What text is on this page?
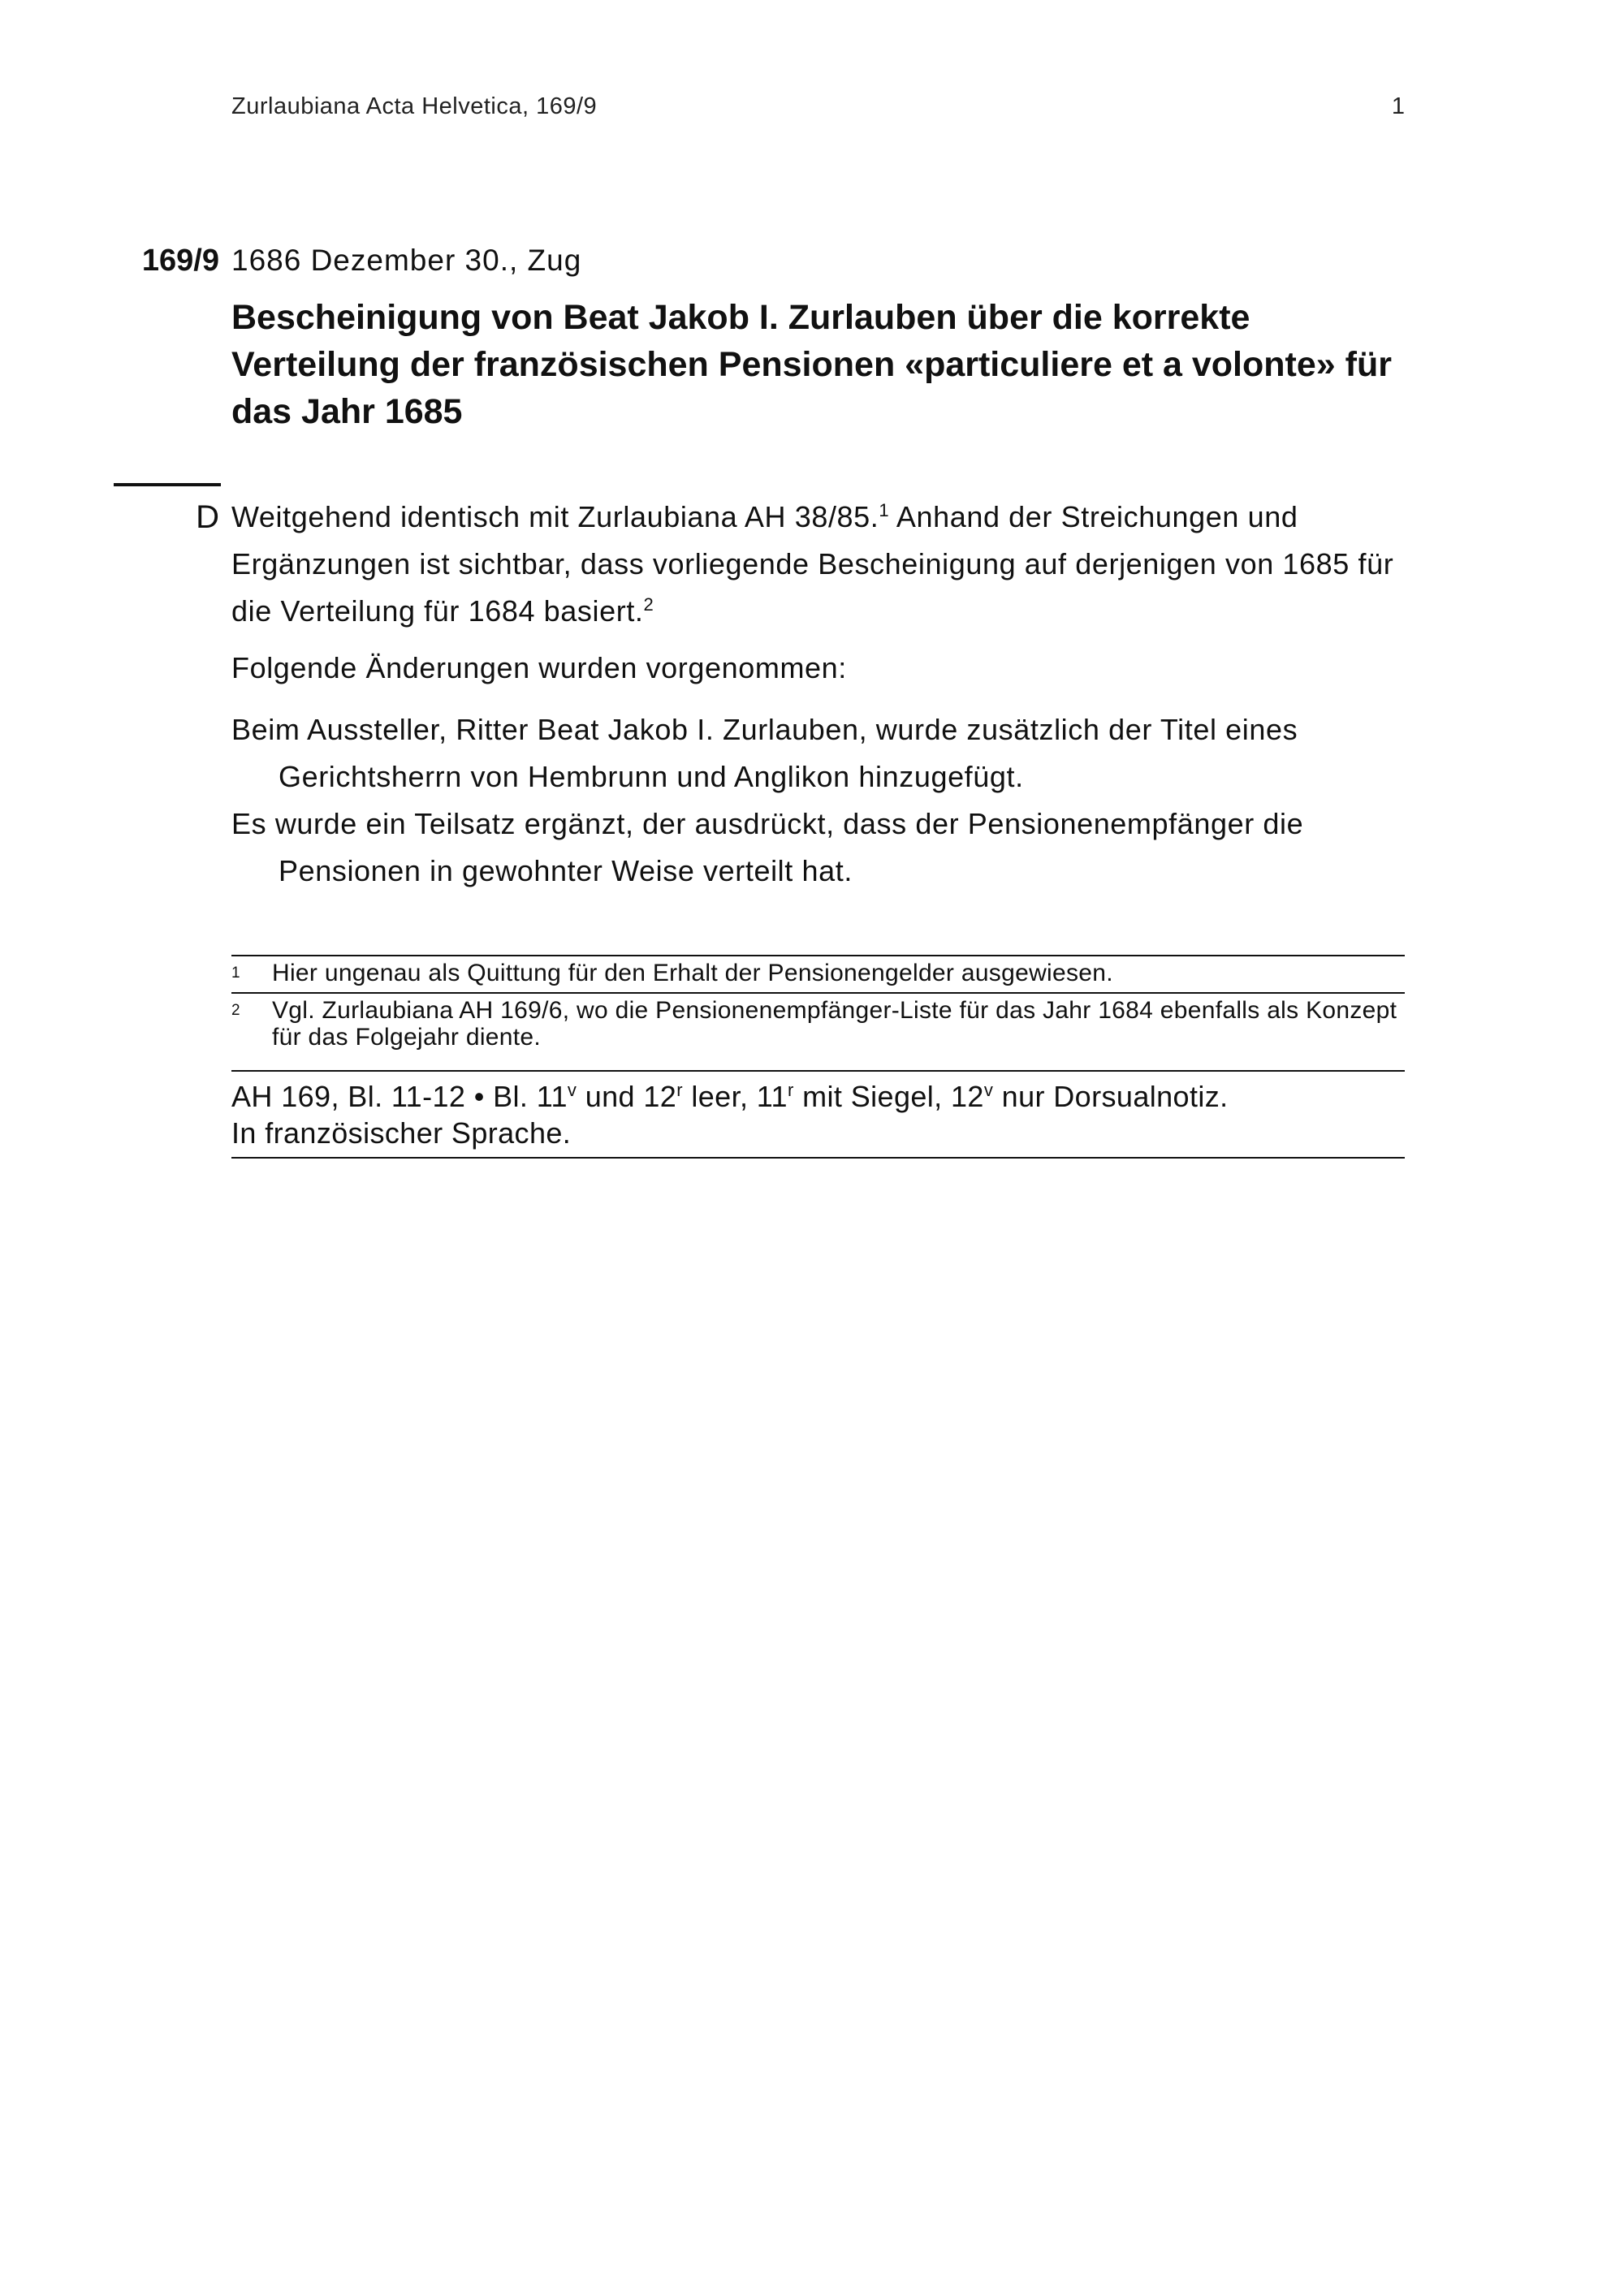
Zurlaubiana Acta Helvetica, 169/9	1
169/9 1686 Dezember 30., Zug
Bescheinigung von Beat Jakob I. Zurlauben über die korrekte Verteilung der französischen Pensionen «particuliere et a volonte» für das Jahr 1685
D Weitgehend identisch mit Zurlaubiana AH 38/85.$^1$ Anhand der Streichungen und Ergänzungen ist sichtbar, dass vorliegende Bescheinigung auf derjenigen von 1685 für die Verteilung für 1684 basiert.$^2$

Folgende Änderungen wurden vorgenommen:

Beim Aussteller, Ritter Beat Jakob I. Zurlauben, wurde zusätzlich der Titel eines Gerichtsherrn von Hembrunn und Anglikon hinzugefügt.

Es wurde ein Teilsatz ergänzt, der ausdrückt, dass der Pensionenempfänger die Pensionen in gewohnter Weise verteilt hat.

1 Hier ungenau als Quittung für den Erhalt der Pensionengelder ausgewiesen.
2 Vgl. Zurlaubiana AH 169/6, wo die Pensionenempfänger-Liste für das Jahr 1684 ebenfalls als Konzept für das Folgejahr diente.
AH 169, Bl. 11-12 • Bl. 11$^v$ und 12$^r$ leer, 11$^r$ mit Siegel, 12$^v$ nur Dorsualnotiz.
In französischer Sprache.
